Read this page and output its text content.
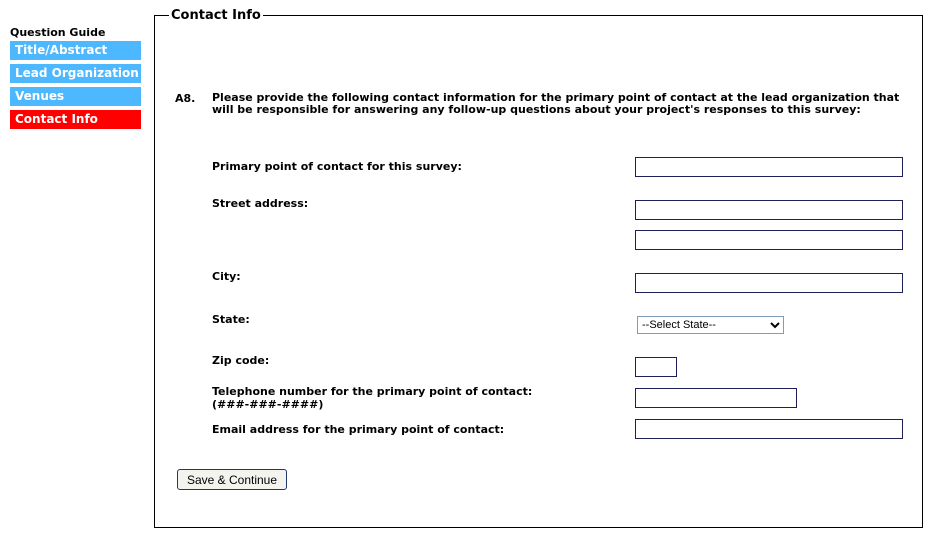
Question Guide
Title/Abstract
Lead Organization
Venues
Contact Info
Contact Info
A8. Please provide the following contact information for the primary point of contact at the lead organization that will be responsible for answering any follow-up questions about your project's responses to this survey:
Primary point of contact for this survey:
Street address:
City:
State:
--Select State--
Zip code:
Telephone number for the primary point of contact:
(###-###-####)
Email address for the primary point of contact:
Save & Continue
